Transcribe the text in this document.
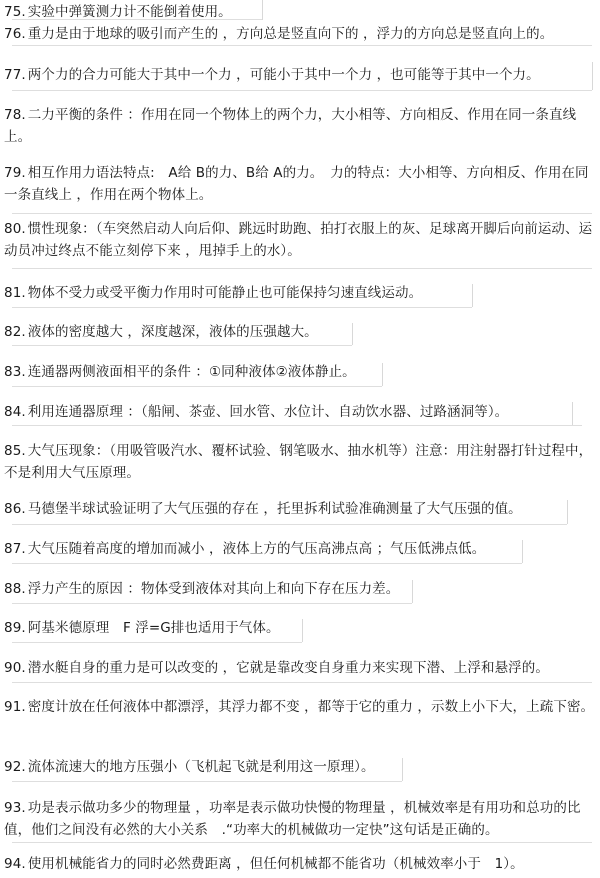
75. 实验中弹簧测力计不能倒着使用。
76. 重力是由于地球的吸引而产生的 ，方向总是竖直向下的 ，浮力的方向总是竖直向上的。
77. 两个力的合力可能大于其中一个力 ，可能小于其中一个力 ，也可能等于其中一个力。
78. 二力平衡的条件 ：作用在同一个物体上的两个力，大小相等、方向相反、作用在同一条直线上。
79. 相互作用力语法特点:　A给 B的力、B给 A的力。　力的特点：大小相等、方向相反、作用在同一条直线上 ，作用在两个物体上。
80. 惯性现象：（车突然启动人向后仰、跳远时助跑、拍打衣服上的灰、足球离开脚后向前运动、运动员冲过终点不能立刻停下来 ，甩掉手上的水）。
81. 物体不受力或受平衡力作用时可能静止也可能保持匀速直线运动。
82. 液体的密度越大 ，深度越深，液体的压强越大。
83. 连通器两侧液面相平的条件 ：①同种液体②液体静止。
84. 利用连通器原理 ：（船闸、茶壶、回水管、水位计、自动饮水器、过路涵洞等）。
85. 大气压现象：（用吸管吸汽水、覆杯试验、钢笔吸水、抽水机等）注意：用注射器打针过程中，不是利用大气压原理。
86. 马德堡半球试验证明了大气压强的存在 ，托里拆利试验准确测量了大气压强的值。
87. 大气压随着高度的增加而减小 ，液体上方的气压高沸点高 ；气压低沸点低。
88. 浮力产生的原因 ：物体受到液体对其向上和向下存在压力差。
89. 阿基米德原理　F 浮=G排也适用于气体。
90. 潜水艇自身的重力是可以改变的 ，它就是靠改变自身重力来实现下潜、上浮和悬浮的。
91. 密度计放在任何液体中都漂浮，其浮力都不变 ，都等于它的重力 ，示数上小下大，上疏下密。
92. 流体流速大的地方压强小（飞机起飞就是利用这一原理）。
93. 功是表示做功多少的物理量 ，功率是表示做功快慢的物理量 ，机械效率是有用功和总功的比值，他们之间没有必然的大小关系　.“功率大的机械做功一定快”这句话是正确的。
94. 使用机械能省力的同时必然费距离 ，但任何机械都不能省功（机械效率小于　1）。
